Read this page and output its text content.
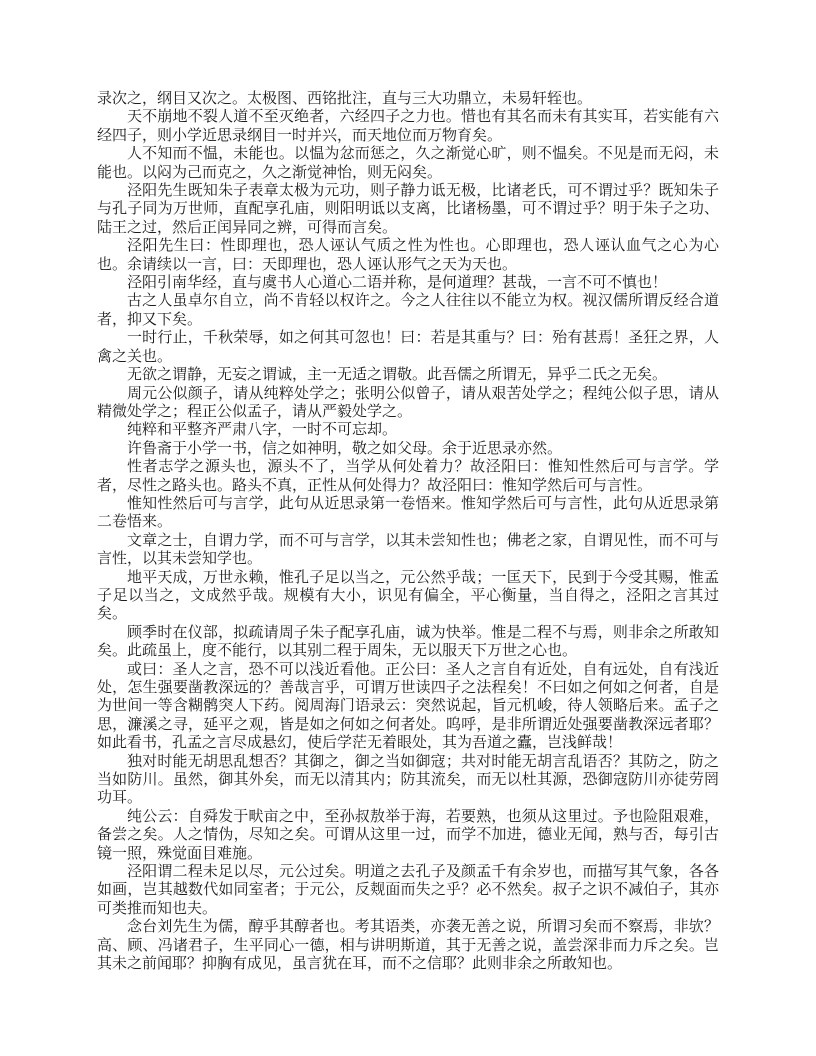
录次之，纲目又次之。太极图、西铭批注，直与三大功鼎立，未易轩轾也。

天不崩地不裂人道不至灭绝者，六经四子之力也。惜也有其名而未有其实耳，若实能有六经四子，则小学近思录纲目一时并兴，而天地位而万物育矣。

人不知而不愠，未能也。以愠为忿而惩之，久之渐觉心旷，则不愠矣。不见是而无闷，未能也。以闷为己而克之，久之渐觉神怡，则无闷矣。

泾阳先生既知朱子表章太极为元功，则子静力诋无极，比诸老氏，可不谓过乎？既知朱子与孔子同为万世师，直配享孔庙，则阳明诋以支离，比诸杨墨，可不谓过乎？明于朱子之功、陆王之过，然后正闰异同之辨，可得而言矣。

泾阳先生曰：性即理也，恐人诬认气质之性为性也。心即理也，恐人诬认血气之心为心也。余请续以一言，曰：天即理也，恐人诬认形气之天为天也。

泾阳引南华经，直与虞书人心道心二语并称，是何道理？甚哉，一言不可不慎也！

古之人虽卓尔自立，尚不肯轻以权许之。今之人往往以不能立为权。视汉儒所谓反经合道者，抑又下矣。

一时行止，千秋荣辱，如之何其可忽也！曰：若是其重与？曰：殆有甚焉！圣狂之界，人禽之关也。

无欲之谓静，无妄之谓诚，主一无适之谓敬。此吾儒之所谓无，异乎二氏之无矣。

周元公似颜子，请从纯粹处学之；张明公似曾子，请从艰苦处学之；程纯公似子思，请从精微处学之；程正公似孟子，请从严毅处学之。

纯粹和平整齐严肃八字，一时不可忘却。

许鲁斋于小学一书，信之如神明，敬之如父母。余于近思录亦然。

性者志学之源头也，源头不了，当学从何处着力？故泾阳曰：惟知性然后可与言学。学者，尽性之路头也。路头不真，正性从何处得力？故泾阳曰：惟知学然后可与言性。

惟知性然后可与言学，此句从近思录第一卷悟来。惟知学然后可与言性，此句从近思录第二卷悟来。

文章之士，自谓力学，而不可与言学，以其未尝知性也；佛老之家，自谓见性，而不可与言性，以其未尝知学也。

地平天成，万世永赖，惟孔子足以当之，元公然乎哉；一匡天下，民到于今受其赐，惟孟子足以当之，文成然乎哉。规模有大小，识见有偏全，平心衡量，当自得之，泾阳之言其过矣。

顾季时在仪部，拟疏请周子朱子配享孔庙，诚为快举。惟是二程不与焉，则非余之所敢知矣。此疏虽上，度不能行，以其别二程于周朱，无以服天下万世之心也。

或曰：圣人之言，恐不可以浅近看他。正公曰：圣人之言自有近处，自有远处，自有浅近处，怎生强要凿教深远的？善哉言乎，可谓万世读四子之法程矣！不曰如之何如之何者，自是为世间一等含糊鹘突人下药。阅周海门语录云：突然说起，旨元机峻，待人领略后来。孟子之思，濂溪之寻，延平之观，皆是如之何如之何者处。呜呼，是非所谓近处强要凿教深远者耶？如此看书，孔孟之言尽成悬幻，使后学茫无着眼处，其为吾道之蠹，岂浅鲜哉！

独对时能无胡思乱想否？其御之，御之当如御寇；共对时能无胡言乱语否？其防之，防之当如防川。虽然，御其外矣，而无以清其内；防其流矣，而无以杜其源，恐御寇防川亦徒劳罔功耳。

纯公云：自舜发于畎亩之中，至孙叔敖举于海，若要熟，也须从这里过。予也险阻艰难，备尝之矣。人之情伪，尽知之矣。可谓从这里一过，而学不加进，德业无闻，熟与否，每引古镜一照，殊觉面目难施。

泾阳谓二程未足以尽，元公过矣。明道之去孔子及颜孟千有余岁也，而描写其气象，各各如画，岂其越数代如同室者；于元公，反觌面而失之乎？必不然矣。叔子之识不减伯子，其亦可类推而知也夫。

念台刘先生为儒，醇乎其醇者也。考其语类，亦袭无善之说，所谓习矣而不察焉，非欤？高、顾、冯诸君子，生平同心一德，相与讲明斯道，其于无善之说，盖尝深非而力斥之矣。岂其未之前闻耶？抑胸有成见，虽言犹在耳，而不之信耶？此则非余之所敢知也。
